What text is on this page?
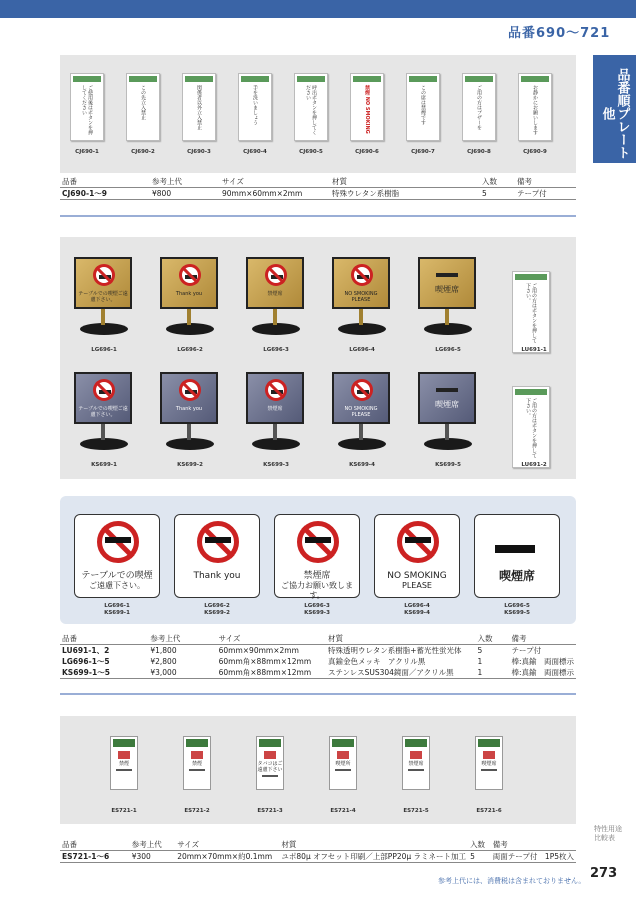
品番690～721
品番順プレート他
ご使用後はボタンを押してください
CJ690-1
この先立入禁止
CJ690-2
関係者以外立入禁止
CJ690-3
手を洗いましょう
CJ690-4
呼出ボタンを押してください
CJ690-5
禁煙 NO SMOKING
CJ690-6
この席は禁煙です
CJ690-7
ご用の方はブザーを
CJ690-8
お静かにお願いします
CJ690-9
品番	参考上代	サイズ	材質	入数	備考
CJ690-1～9	¥800	90mm×60mm×2mm	特殊ウレタン系樹脂	5	テープ付
テーブルでの喫煙ご遠慮下さい。
LG696-1
Thank you
LG696-2
禁煙席
LG696-3
NO SMOKING PLEASE
LG696-4
喫煙席
LG696-5
ご用の方はボタンを押して下さい。
LU691-1
テーブルでの喫煙ご遠慮下さい。
KS699-1
Thank you
KS699-2
禁煙席
KS699-3
NO SMOKING PLEASE
KS699-4
喫煙席
KS699-5
ご用の方はボタンを押して下さい。
LU691-2
テーブルでの喫煙
ご遠慮下さい。
LG696-1
KS699-1
Thank you
LG696-2
KS699-2
禁煙席
ご協力お願い致します。
LG696-3
KS699-3
NO SMOKING
PLEASE
LG696-4
KS699-4
喫煙席
LG696-5
KS699-5
品番	参考上代	サイズ	材質	入数	備考
LU691-1、2	¥1,800	60mm×90mm×2mm	特殊透明ウレタン系樹脂+蓄光性蛍光体	5	テープ付
LG696-1～5	¥2,800	60mm角×88mm×12mm	真鍮金色メッキ　アクリル黒	1	棒:真鍮　両面標示
KS699-1～5	¥3,000	60mm角×88mm×12mm	ステンレスSUS304鏡面／アクリル黒	1	棒:真鍮　両面標示
禁煙
ES721-1
禁煙
ES721-2
タバコはご遠慮下さい
ES721-3
喫煙所
ES721-4
禁煙席
ES721-5
喫煙席
ES721-6
品番	参考上代	サイズ	材質	入数	備考
ES721-1～6	¥300	20mm×70mm×約0.1mm	ユポ80μ オフセット印刷／上部PP20μ ラミネート加工	5	両面テープ付　1P5枚入
特性用途
比較表
273
参考上代には、消費税は含まれておりません。
